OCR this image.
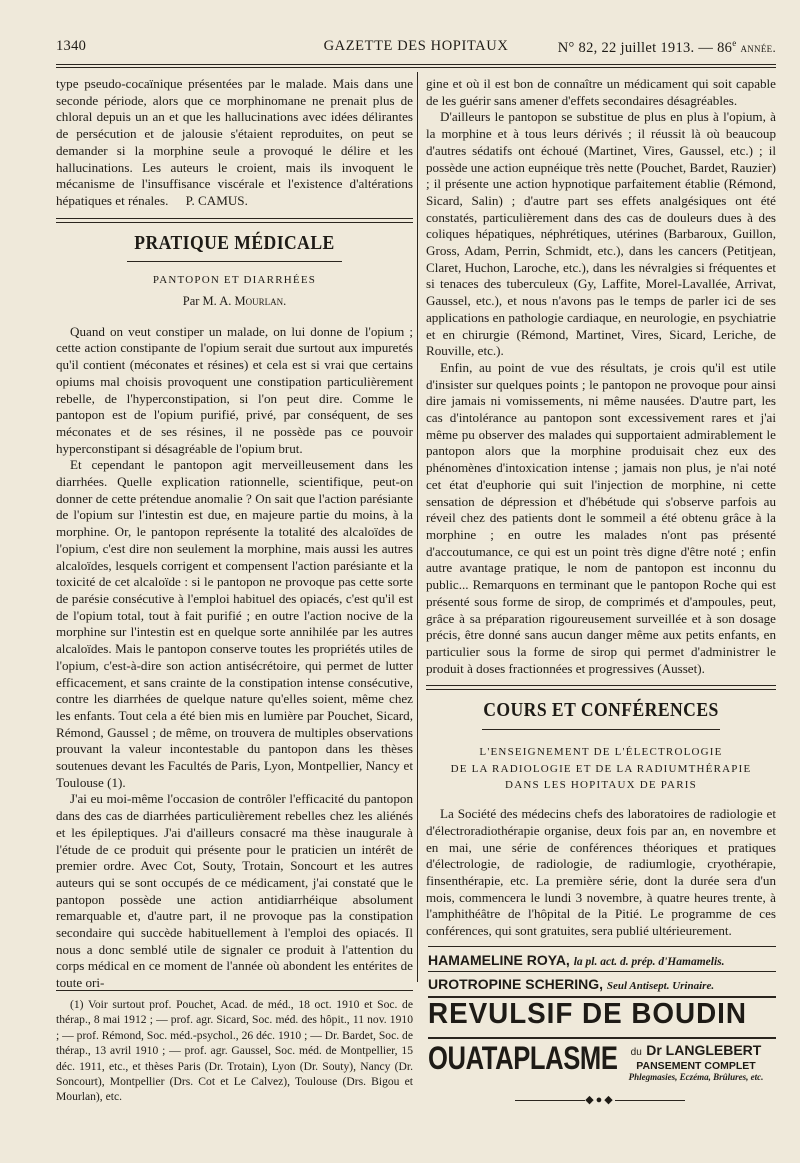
1340	GAZETTE DES HOPITAUX	N° 82, 22 juillet 1913. — 86e année.

type pseudo-cocaïnique présentées par le malade. Mais dans une seconde période, alors que ce morphinomane ne prenait plus de chloral depuis un an et que les hallucinations avec idées délirantes de persécution et de jalousie s'étaient reproduites, on peut se demander si la morphine seule a provoqué le délire et les hallucinations. Les auteurs le croient, mais ils invoquent le mécanisme de l'insuffisance viscérale et l'existence d'altérations hépatiques et rénales. P. CAMUS.

PRATIQUE MÉDICALE
PANTOPON ET DIARRHÉES
Par M. A. Mourlan.

Quand on veut constiper un malade, on lui donne de l'opium ; cette action constipante de l'opium serait due surtout aux impuretés qu'il contient (méconates et résines) et cela est si vrai que certains opiums mal choisis provoquent une constipation particulièrement rebelle, de l'hyperconstipation, si l'on peut dire. Comme le pantopon est de l'opium purifié, privé, par conséquent, de ses méconates et de ses résines, il ne possède pas ce pouvoir hyperconstipant si désagréable de l'opium brut.

Et cependant le pantopon agit merveilleusement dans les diarrhées. Quelle explication rationnelle, scientifique, peut-on donner de cette prétendue anomalie ? On sait que l'action parésiante de l'opium sur l'intestin est due, en majeure partie du moins, à la morphine. Or, le pantopon représente la totalité des alcaloïdes de l'opium, c'est dire non seulement la morphine, mais aussi les autres alcaloïdes, lesquels corrigent et compensent l'action parésiante et la toxicité de cet alcaloïde : si le pantopon ne provoque pas cette sorte de parésie consécutive à l'emploi habituel des opiacés, c'est qu'il est de l'opium total, tout à fait purifié ; en outre l'action nocive de la morphine sur l'intestin est en quelque sorte annihilée par les autres alcaloïdes. Mais le pantopon conserve toutes les propriétés utiles de l'opium, c'est-à-dire son action antisécrétoire, qui permet de lutter efficacement, et sans crainte de la constipation intense consécutive, contre les diarrhées de quelque nature qu'elles soient, même chez les enfants. Tout cela a été bien mis en lumière par Pouchet, Sicard, Rémond, Gaussel ; de même, on trouvera de multiples observations prouvant la valeur incontestable du pantopon dans les thèses soutenues devant les Facultés de Paris, Lyon, Montpellier, Nancy et Toulouse (1).

J'ai eu moi-même l'occasion de contrôler l'efficacité du pantopon dans des cas de diarrhées particulièrement rebelles chez les aliénés et les épileptiques. J'ai d'ailleurs consacré ma thèse inaugurale à l'étude de ce produit qui présente pour le praticien un intérêt de premier ordre. Avec Cot, Souty, Trotain, Soncourt et les autres auteurs qui se sont occupés de ce médicament, j'ai constaté que le pantopon possède une action antidiarrhéique absolument remarquable et, d'autre part, il ne provoque pas la constipation secondaire qui succède habituellement à l'emploi des opiacés. Il nous a donc semblé utile de signaler ce produit à l'attention du corps médical en ce moment de l'année où abondent les entérites de toute ori-

(1) Voir surtout prof. Pouchet, Acad. de méd., 18 oct. 1910 et Soc. de thérap., 8 mai 1912 ; — prof. agr. Sicard, Soc. méd. des hôpit., 11 nov. 1910 ; — prof. Rémond, Soc. méd.-psychol., 26 déc. 1910 ; — Dr. Bardet, Soc. de thérap., 13 avril 1910 ; — prof. agr. Gaussel, Soc. méd. de Montpellier, 15 déc. 1911, etc., et thèses Paris (Dr. Trotain), Lyon (Dr. Souty), Nancy (Dr. Soncourt), Montpellier (Drs. Cot et Le Calvez), Toulouse (Drs. Bigou et Mourlan), etc.

gine et où il est bon de connaître un médicament qui soit capable de les guérir sans amener d'effets secondaires désagréables.

D'ailleurs le pantopon se substitue de plus en plus à l'opium, à la morphine et à tous leurs dérivés ; il réussit là où beaucoup d'autres sédatifs ont échoué (Martinet, Vires, Gaussel, etc.) ; il possède une action eupnéique très nette (Pouchet, Bardet, Rauzier) ; il présente une action hypnotique parfaitement établie (Rémond, Sicard, Salin) ; d'autre part ses effets analgésiques ont été constatés, particulièrement dans des cas de douleurs dues à des coliques hépatiques, néphrétiques, utérines (Barbaroux, Guillon, Gross, Adam, Perrin, Schmidt, etc.), dans les cancers (Petitjean, Claret, Huchon, Laroche, etc.), dans les névralgies si fréquentes et si tenaces des tuberculeux (Gy, Laffite, Morel-Lavallée, Arrivat, Gaussel, etc.), et nous n'avons pas le temps de parler ici de ses applications en pathologie cardiaque, en neurologie, en psychiatrie et en chirurgie (Rémond, Martinet, Vires, Sicard, Leriche, de Rouville, etc.).

Enfin, au point de vue des résultats, je crois qu'il est utile d'insister sur quelques points ; le pantopon ne provoque pour ainsi dire jamais ni vomissements, ni même nausées. D'autre part, les cas d'intolérance au pantopon sont excessivement rares et j'ai même pu observer des malades qui supportaient admirablement le pantopon alors que la morphine produisait chez eux des phénomènes d'intoxication intense ; jamais non plus, je n'ai noté cet état d'euphorie qui suit l'injection de morphine, ni cette sensation de dépression et d'hébétude qui s'observe parfois au réveil chez des patients dont le sommeil a été obtenu grâce à la morphine ; en outre les malades n'ont pas présenté d'accoutumance, ce qui est un point très digne d'être noté ; enfin autre avantage pratique, le nom de pantopon est inconnu du public... Remarquons en terminant que le pantopon Roche qui est présenté sous forme de sirop, de comprimés et d'ampoules, peut, grâce à sa préparation rigoureusement surveillée et à son dosage précis, être donné sans aucun danger même aux petits enfants, en particulier sous la forme de sirop qui permet d'administrer le produit à doses fractionnées et progressives (Ausset).

COURS ET CONFÉRENCES
L'ENSEIGNEMENT DE L'ÉLECTROLOGIE
DE LA RADIOLOGIE ET DE LA RADIUMTHÉRAPIE
DANS LES HOPITAUX DE PARIS

La Société des médecins chefs des laboratoires de radiologie et d'électroradiothérapie organise, deux fois par an, en novembre et en mai, une série de conférences théoriques et pratiques d'électrologie, de radiologie, de radiumlogie, cryothérapie, finsenthérapie, etc. La première série, dont la durée sera d'un mois, commencera le lundi 3 novembre, à quatre heures trente, à l'amphithéâtre de l'hôpital de la Pitié. Le programme de ces conférences, qui sont gratuites, sera publié ultérieurement.

HAMAMELINE ROYA, la pl. act. d. prép. d'Hamamelis.
UROTROPINE SCHERING, Seul Antisept. Urinaire.
REVULSIF DE BOUDIN
OUATAPLASME	du Dr LANGLEBERT
PANSEMENT COMPLET
Phlegmasies, Eczéma, Brûlures, etc.
◆●◆
